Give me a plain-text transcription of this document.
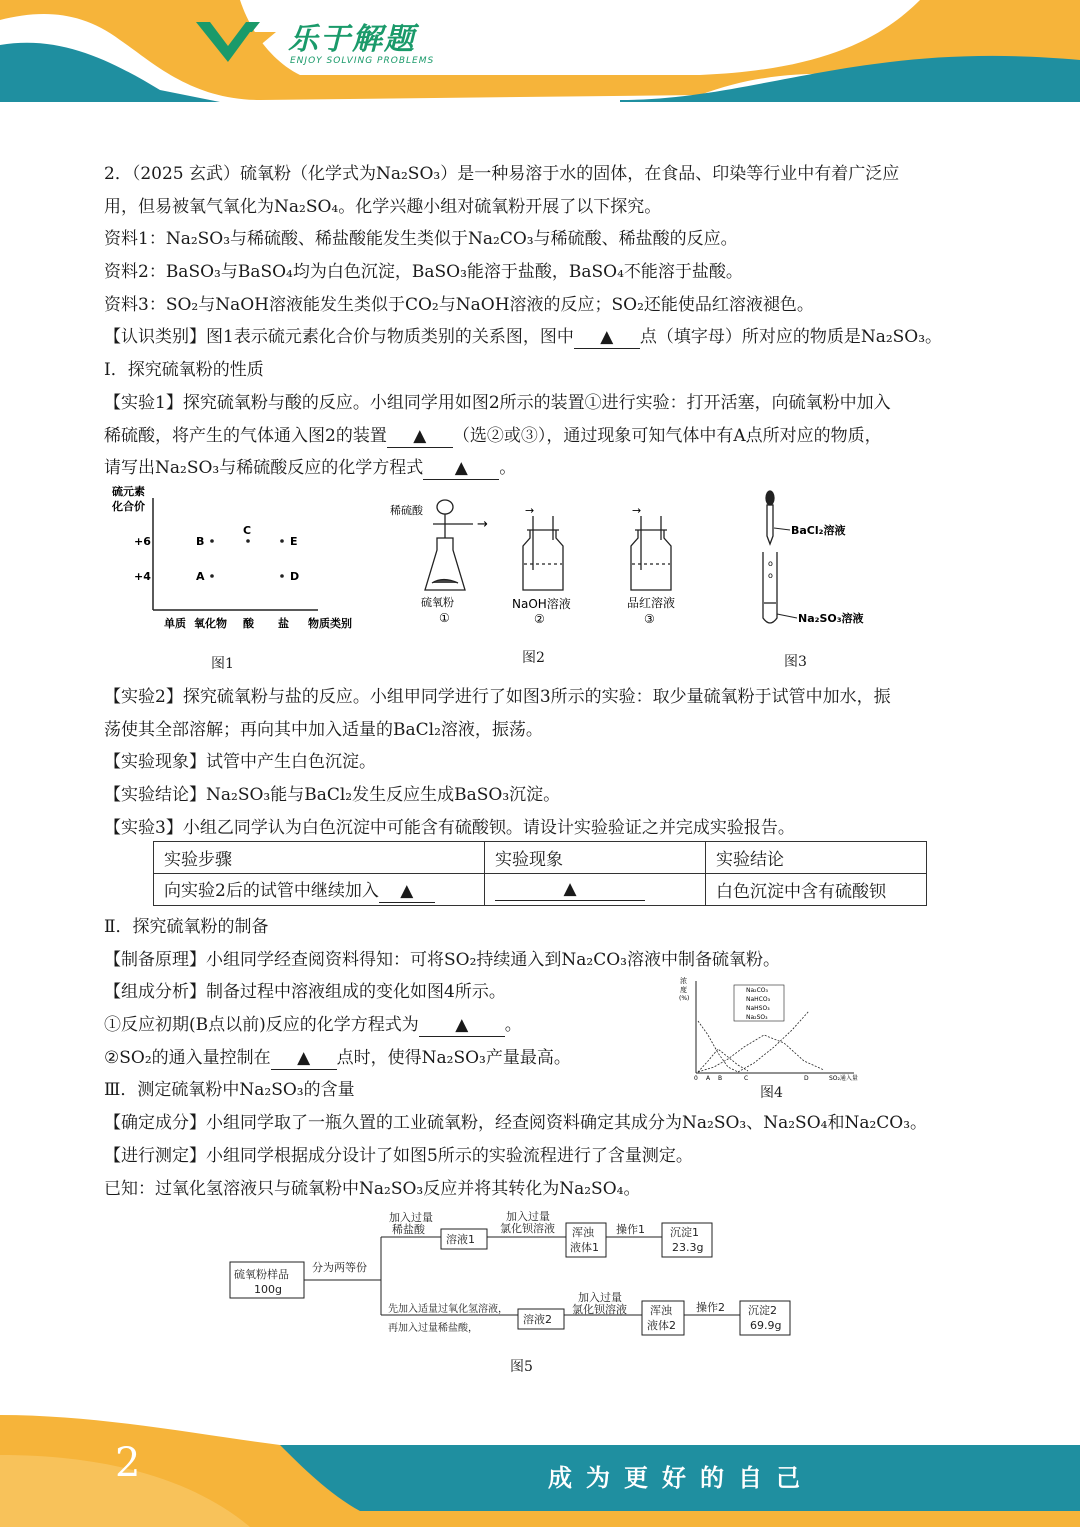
乐于解题
ENJOY SOLVING PROBLEMS
2．（2025 玄武）硫氧粉（化学式为Na₂SO₃）是一种易溶于水的固体，在食品、印染等行业中有着广泛应
用，但易被氧气氧化为Na₂SO₄。化学兴趣小组对硫氧粉开展了以下探究。
资料1：Na₂SO₃与稀硫酸、稀盐酸能发生类似于Na₂CO₃与稀硫酸、稀盐酸的反应。
资料2：BaSO₃与BaSO₄均为白色沉淀，BaSO₃能溶于盐酸，BaSO₄不能溶于盐酸。
资料3：SO₂与NaOH溶液能发生类似于CO₂与NaOH溶液的反应；SO₂还能使品红溶液褪色。
【认识类别】图1表示硫元素化合价与物质类别的关系图，图中 ▲ 点（填字母）所对应的物质是Na₂SO₃。
Ⅰ．探究硫氧粉的性质
【实验1】探究硫氧粉与酸的反应。小组同学用如图2所示的装置①进行实验：打开活塞，向硫氧粉中加入
稀硫酸，将产生的气体通入图2的装置 ▲ （选②或③），通过现象可知气体中有A点所对应的物质，
请写出Na₂SO₃与稀硫酸反应的化学方程式 ▲ 。
硫元素
化合价
+6
+4
单质 氧化物 酸 盐 物质类别
B
A
C
E
D
图1
稀硫酸
→
硫氧粉
①
→
NaOH溶液
②
→
品红溶液
③
图2
BaCl₂溶液
o
o
Na₂SO₃溶液
图3
【实验2】探究硫氧粉与盐的反应。小组甲同学进行了如图3所示的实验：取少量硫氧粉于试管中加水，振
荡使其全部溶解；再向其中加入适量的BaCl₂溶液，振荡。
【实验现象】试管中产生白色沉淀。
【实验结论】Na₂SO₃能与BaCl₂发生反应生成BaSO₃沉淀。
【实验3】小组乙同学认为白色沉淀中可能含有硫酸钡。请设计实验验证之并完成实验报告。
实验步骤	实验现象	实验结论
向实验2后的试管中继续加入 ▲	▲	白色沉淀中含有硫酸钡
Ⅱ．探究硫氧粉的制备
【制备原理】小组同学经查阅资料得知：可将SO₂持续通入到Na₂CO₃溶液中制备硫氧粉。
【组成分析】制备过程中溶液组成的变化如图4所示。
①反应初期(B点以前)反应的化学方程式为 ▲ 。
②SO₂的通入量控制在 ▲ 点时，使得Na₂SO₃产量最高。
Ⅲ．测定硫氧粉中Na₂SO₃的含量
【确定成分】小组同学取了一瓶久置的工业硫氧粉，经查阅资料确定其成分为Na₂SO₃、Na₂SO₄和Na₂CO₃。
【进行测定】小组同学根据成分设计了如图5所示的实验流程进行了含量测定。
已知：过氧化氢溶液只与硫氧粉中Na₂SO₃反应并将其转化为Na₂SO₄。
浓
度
(%)
Na₂CO₃
NaHCO₃
NaHSO₃
Na₂SO₃
0 A B	C	D	SO₂通入量
图4
硫氧粉样品
100g
分为两等份
加入过量
稀盐酸
溶液1
加入过量
氯化钡溶液 浑浊
液体1
操作1 沉淀1
23.3g
先加入适量过氧化氢溶液，
再加入过量稀盐酸，
溶液2
加入过量
氯化钡溶液 浑浊
液体2
操作2 沉淀2
69.9g
图5
2	成为更好的自己
